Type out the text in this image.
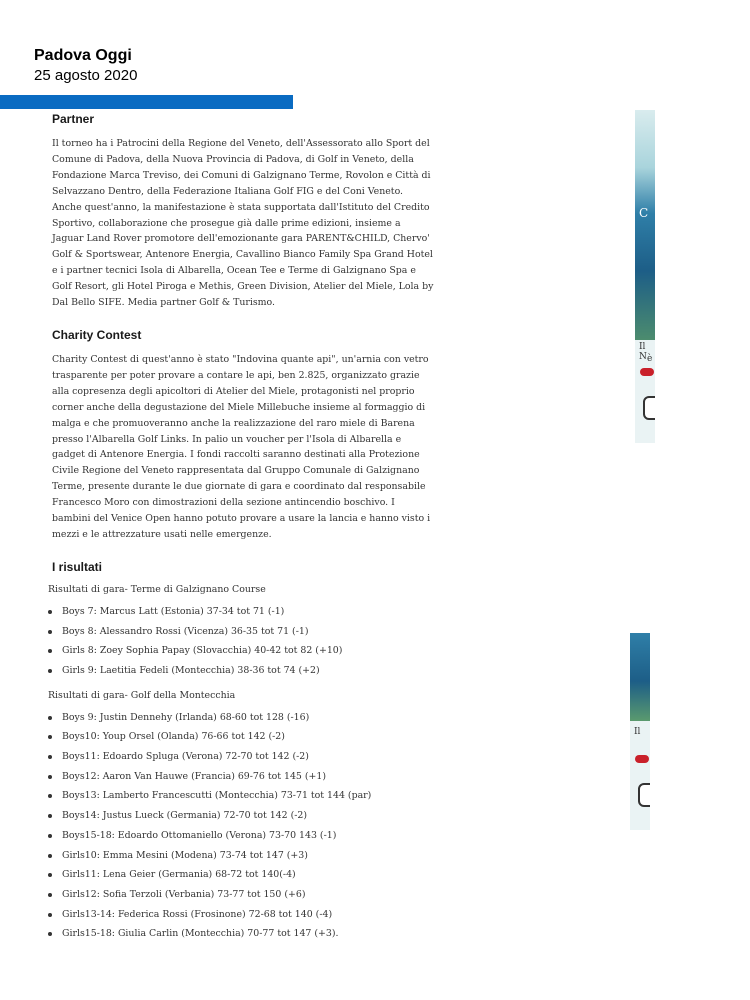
Padova Oggi
25 agosto 2020
Partner

Il torneo ha i Patrocini della Regione del Veneto, dell'Assessorato allo Sport del Comune di Padova, della Nuova Provincia di Padova, di Golf in Veneto, della Fondazione Marca Treviso, dei Comuni di Galzignano Terme, Rovolon e Città di Selvazzano Dentro, della Federazione Italiana Golf FIG e del Coni Veneto. Anche quest'anno, la manifestazione è stata supportata dall'Istituto del Credito Sportivo, collaborazione che prosegue già dalle prime edizioni, insieme a Jaguar Land Rover promotore dell'emozionante gara PARENT&CHILD, Chervo' Golf & Sportswear, Antenore Energia, Cavallino Bianco Family Spa Grand Hotel e i partner tecnici Isola di Albarella, Ocean Tee e Terme di Galzignano Spa e Golf Resort, gli Hotel Piroga e Methis, Green Division, Atelier del Miele, Lola by Dal Bello SIFE. Media partner Golf & Turismo.

Charity Contest

Charity Contest di quest'anno è stato "Indovina quante api", un'arnia con vetro trasparente per poter provare a contare le api, ben 2.825, organizzato grazie alla copresenza degli apicoltori di Atelier del Miele, protagonisti nel proprio corner anche della degustazione del Miele Millebuche insieme al formaggio di malga e che promuoveranno anche la realizzazione del raro miele di Barena presso l'Albarella Golf Links. In palio un voucher per l'Isola di Albarella e gadget di Antenore Energia. I fondi raccolti saranno destinati alla Protezione Civile Regione del Veneto rappresentata dal Gruppo Comunale di Galzignano Terme, presente durante le due giornate di gara e coordinato dal responsabile Francesco Moro con dimostrazioni della sezione antincendio boschivo. I bambini del Venice Open hanno potuto provare a usare la lancia e hanno visto i mezzi e le attrezzature usati nelle emergenze.

I risultati
Risultati di gara- Terme di Galzignano Course
Boys 7: Marcus Latt (Estonia) 37-34 tot 71 (-1)
Boys 8: Alessandro Rossi (Vicenza) 36-35 tot 71 (-1)
Girls 8: Zoey Sophia Papay (Slovacchia) 40-42 tot 82 (+10)
Girls 9: Laetitia Fedeli (Montecchia) 38-36 tot 74 (+2)
Risultati di gara- Golf della Montecchia
Boys 9: Justin Dennehy (Irlanda) 68-60 tot 128 (-16)
Boys10: Youp Orsel (Olanda) 76-66 tot 142 (-2)
Boys11: Edoardo Spluga (Verona) 72-70 tot 142 (-2)
Boys12: Aaron Van Hauwe (Francia) 69-76 tot 145 (+1)
Boys13: Lamberto Francescutti (Montecchia) 73-71 tot 144 (par)
Boys14: Justus Lueck (Germania) 72-70 tot 142 (-2)
Boys15-18: Edoardo Ottomaniello (Verona) 73-70 143 (-1)
Girls10: Emma Mesini (Modena) 73-74 tot 147 (+3)
Girls11: Lena Geier (Germania) 68-72 tot 140(-4)
Girls12: Sofia Terzoli (Verbania) 73-77 tot 150 (+6)
Girls13-14: Federica Rossi (Frosinone) 72-68 tot 140 (-4)
Girls15-18: Giulia Carlin (Montecchia) 70-77 tot 147 (+3).
C
Il N è
Il
